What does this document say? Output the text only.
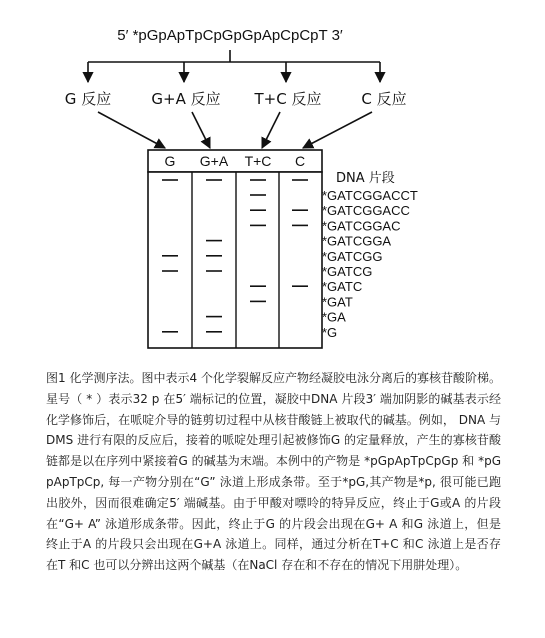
5′ *pGpApTpCpGpGpApCpCpT 3′
G 反应	G+A 反应 T+C 反应	C 反应
G G+A T+C C
DNA 片段
*GATCGGACCT
*GATCGGACC
*GATCGGAC
*GATCGGA
*GATCGG
*GATCG
*GATC
*GAT
*GA
*G
图1 化学测序法。图中表示4 个化学裂解反应产物经凝胶电泳分离后的寡核苷酸阶梯。星号（ * ）表示32 p 在5′ 端标记的位置，凝胶中DNA 片段3′ 端加阴影的碱基表示经化学修饰后，在哌啶介导的链剪切过程中从核苷酸链上被取代的碱基。例如， DNA 与DMS 进行有限的反应后，接着的哌啶处理引起被修饰G 的定量释放，产生的寡核苷酸链都是以在序列中紧接着G 的碱基为末端。本例中的产物是 *pGpApTpCpGp 和 *pGpApTpCp, 每一产物分别在“G” 泳道上形成条带。至于*pG,其产物是*p, 很可能已跑出胶外，因而很难确定5′ 端碱基。由于甲酸对嘌呤的特异反应，终止于G或A 的片段在“G+ A” 泳道形成条带。因此，终止于G 的片段会出现在G+ A 和G 泳道上，但是终止于A 的片段只会出现在G+A 泳道上。同样，通过分析在T+C 和C 泳道上是否存在T 和C 也可以分辨出这两个碱基（在NaCl 存在和不存在的情况下用肼处理）。
